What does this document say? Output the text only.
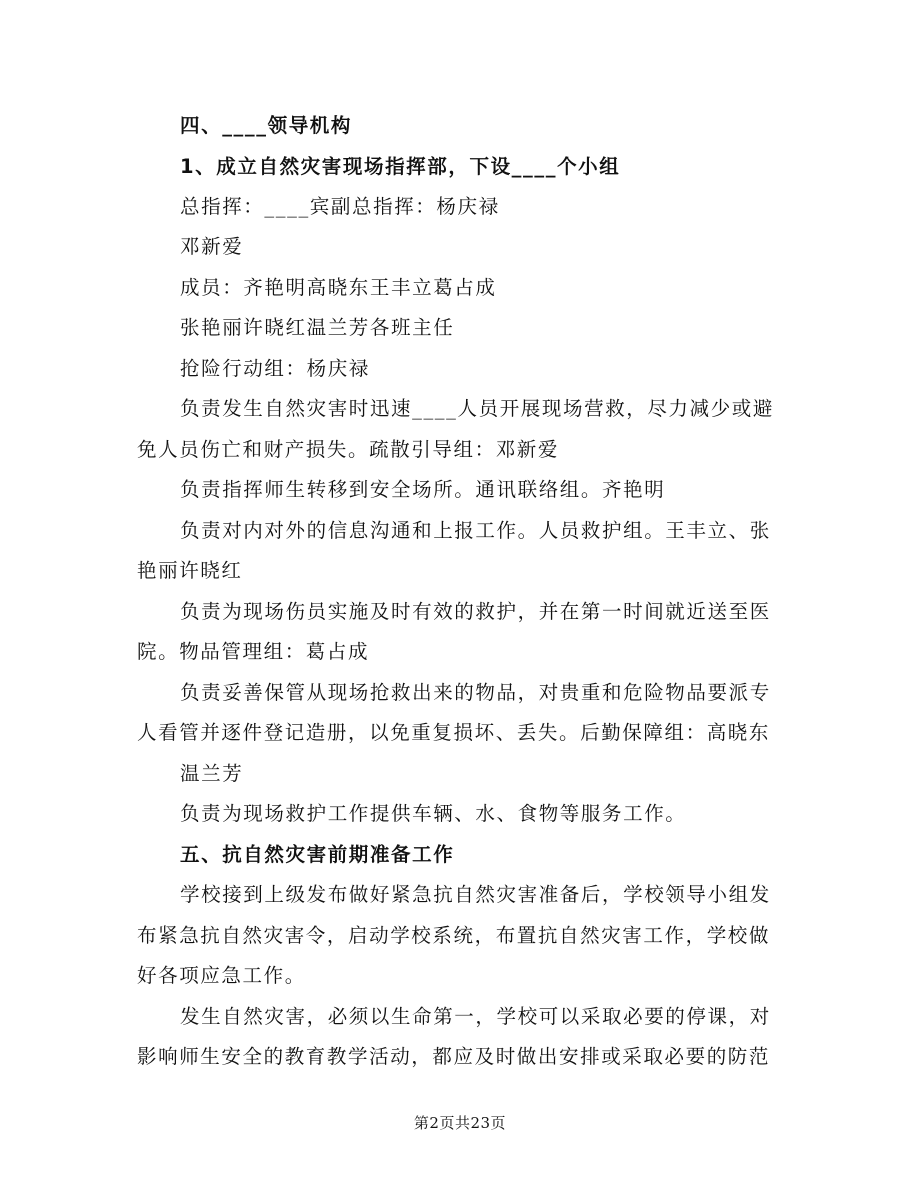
四、____领导机构
1、成立自然灾害现场指挥部，下设____个小组
总指挥：____宾副总指挥：杨庆禄
邓新爱
成员：齐艳明高晓东王丰立葛占成
张艳丽许晓红温兰芳各班主任
抢险行动组：杨庆禄
负责发生自然灾害时迅速____人员开展现场营救，尽力减少或避
免人员伤亡和财产损失。疏散引导组：邓新爱
负责指挥师生转移到安全场所。通讯联络组。齐艳明
负责对内对外的信息沟通和上报工作。人员救护组。王丰立、张
艳丽许晓红
负责为现场伤员实施及时有效的救护，并在第一时间就近送至医
院。物品管理组：葛占成
负责妥善保管从现场抢救出来的物品，对贵重和危险物品要派专
人看管并逐件登记造册，以免重复损坏、丢失。后勤保障组：高晓东
温兰芳
负责为现场救护工作提供车辆、水、食物等服务工作。
五、抗自然灾害前期准备工作
学校接到上级发布做好紧急抗自然灾害准备后，学校领导小组发
布紧急抗自然灾害令，启动学校系统，布置抗自然灾害工作，学校做
好各项应急工作。
发生自然灾害，必须以生命第一，学校可以采取必要的停课，对
影响师生安全的教育教学活动，都应及时做出安排或采取必要的防范
第2页共23页
